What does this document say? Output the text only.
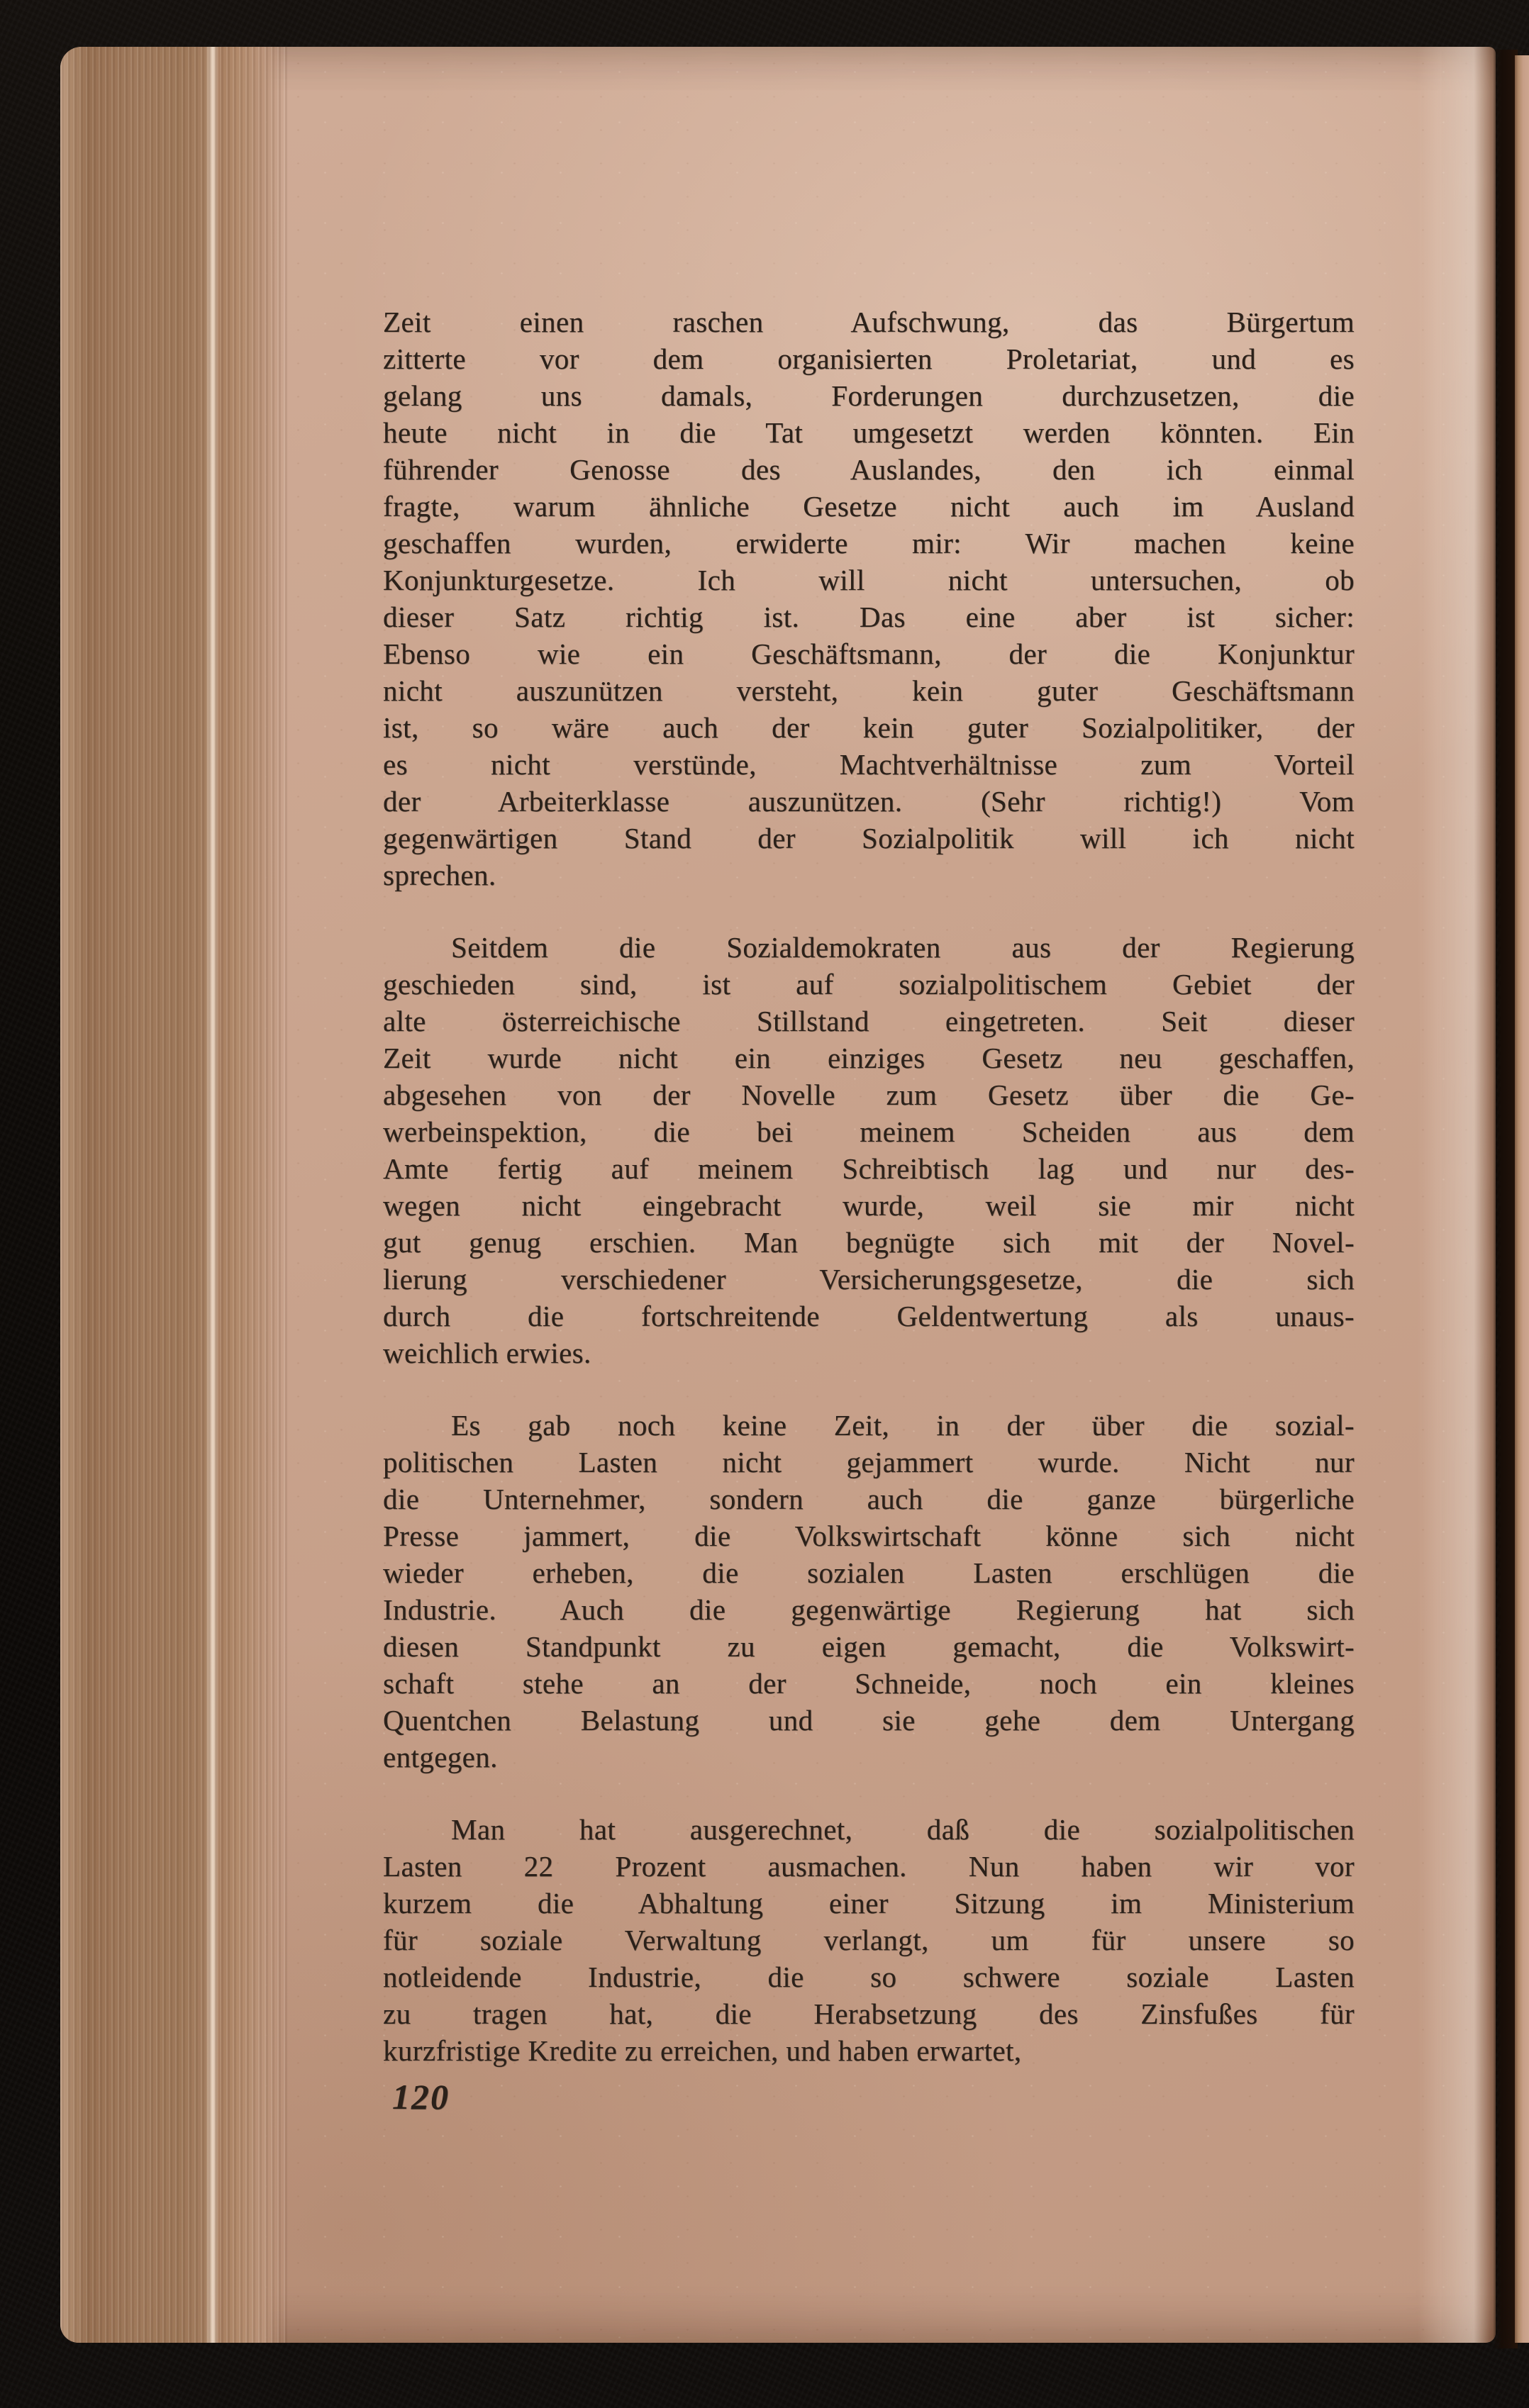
Zeit einen raschen Aufschwung, das Bürgertum
zitterte vor dem organisierten Proletariat, und es
gelang uns damals, Forderungen durchzusetzen, die
heute nicht in die Tat umgesetzt werden könnten. Ein
führender Genosse des Auslandes, den ich einmal
fragte, warum ähnliche Gesetze nicht auch im Ausland
geschaffen wurden, erwiderte mir: Wir machen keine
Konjunkturgesetze. Ich will nicht untersuchen, ob
dieser Satz richtig ist. Das eine aber ist sicher:
Ebenso wie ein Geschäftsmann, der die Konjunktur
nicht auszunützen versteht, kein guter Geschäftsmann
ist, so wäre auch der kein guter Sozialpolitiker, der
es nicht verstünde, Machtverhältnisse zum Vorteil
der Arbeiterklasse auszunützen. (Sehr richtig!) Vom
gegenwärtigen Stand der Sozialpolitik will ich nicht
sprechen.
Seitdem die Sozialdemokraten aus der Regierung
geschieden sind, ist auf sozialpolitischem Gebiet der
alte österreichische Stillstand eingetreten. Seit dieser
Zeit wurde nicht ein einziges Gesetz neu geschaffen,
abgesehen von der Novelle zum Gesetz über die Ge-
werbeinspektion, die bei meinem Scheiden aus dem
Amte fertig auf meinem Schreibtisch lag und nur des-
wegen nicht eingebracht wurde, weil sie mir nicht
gut genug erschien. Man begnügte sich mit der Novel-
lierung verschiedener Versicherungsgesetze, die sich
durch die fortschreitende Geldentwertung als unaus-
weichlich erwies.
Es gab noch keine Zeit, in der über die sozial-
politischen Lasten nicht gejammert wurde. Nicht nur
die Unternehmer, sondern auch die ganze bürgerliche
Presse jammert, die Volkswirtschaft könne sich nicht
wieder erheben, die sozialen Lasten erschlügen die
Industrie. Auch die gegenwärtige Regierung hat sich
diesen Standpunkt zu eigen gemacht, die Volkswirt-
schaft stehe an der Schneide, noch ein kleines
Quentchen Belastung und sie gehe dem Untergang
entgegen.
Man hat ausgerechnet, daß die sozialpolitischen
Lasten 22 Prozent ausmachen. Nun haben wir vor
kurzem die Abhaltung einer Sitzung im Ministerium
für soziale Verwaltung verlangt, um für unsere so
notleidende Industrie, die so schwere soziale Lasten
zu tragen hat, die Herabsetzung des Zinsfußes für
kurzfristige Kredite zu erreichen, und haben erwartet,
120
